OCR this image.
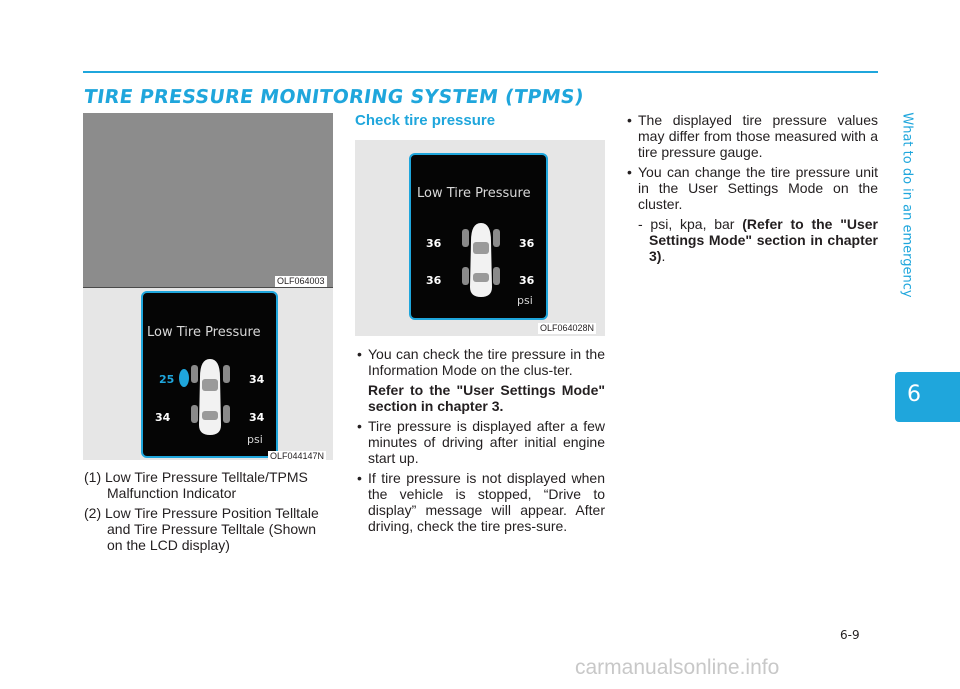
TIRE PRESSURE MONITORING SYSTEM (TPMS)
What to do in an emergency
6
OLF064003
Low Tire Pressure
25	34
34	34
psi
OLF044147N
(1) Low Tire Pressure Telltale/TPMS Malfunction Indicator
(2) Low Tire Pressure Position Telltale and Tire Pressure Telltale (Shown on the LCD display)
Check tire pressure
Low Tire Pressure
36	36
36	36
psi
OLF064028N
• You can check the tire pressure in the Information Mode on the clus-ter.
Refer to the "User Settings Mode" section in chapter 3.
• Tire pressure is displayed after a few minutes of driving after initial engine start up.
• If tire pressure is not displayed when the vehicle is stopped, “Drive to display” message will appear. After driving, check the tire pres-sure.
• The displayed tire pressure values may differ from those measured with a tire pressure gauge.
• You can change the tire pressure unit in the User Settings Mode on the cluster.
- psi, kpa, bar (Refer to the "User Settings Mode" section in chapter 3).
6-9
carmanualsonline.info
